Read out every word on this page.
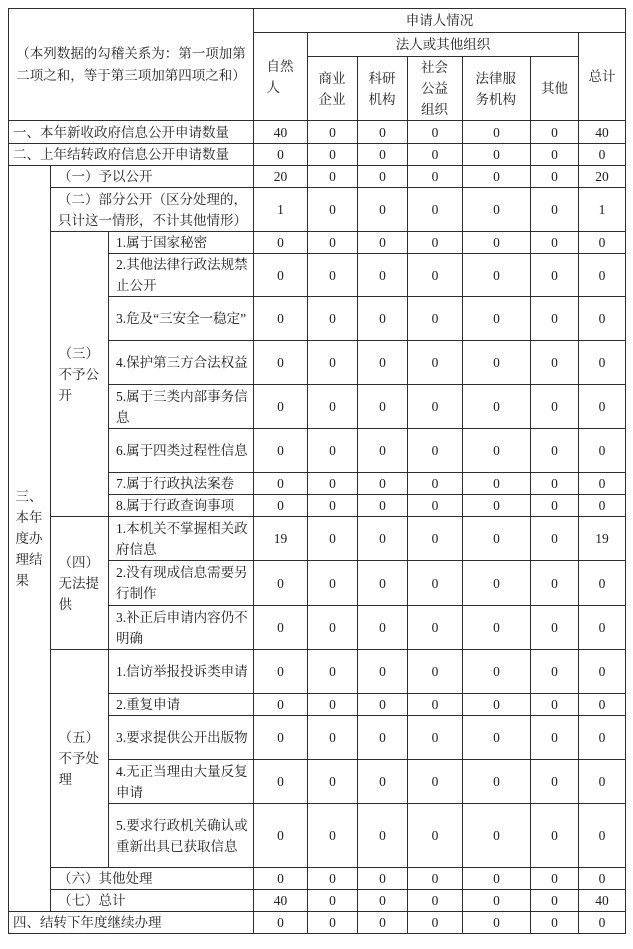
（本列数据的勾稽关系为：第一项加第二项之和，等于第三项加第四项之和）			申请人情况						
			自然人	法人或其他组织					总计
				商业企业	科研机构	社会公益组织	法律服务机构	其他	
一、本年新收政府信息公开申请数量			40	0	0	0	0	0	40
二、上年结转政府信息公开申请数量			0	0	0	0	0	0	0
三、本年度办理结果	（一）予以公开		20	0	0	0	0	0	20
	（二）部分公开（区分处理的，只计这一情形，不计其他情形）		1	0	0	0	0	0	1
	（三）不予公开	1.属于国家秘密	0	0	0	0	0	0	0
		2.其他法律行政法规禁止公开	0	0	0	0	0	0	0
		3.危及“三安全一稳定”	0	0	0	0	0	0	0
		4.保护第三方合法权益	0	0	0	0	0	0	0
		5.属于三类内部事务信息	0	0	0	0	0	0	0
		6.属于四类过程性信息	0	0	0	0	0	0	0
		7.属于行政执法案卷	0	0	0	0	0	0	0
		8.属于行政查询事项	0	0	0	0	0	0	0
	（四）无法提供	1.本机关不掌握相关政府信息	19	0	0	0	0	0	19
		2.没有现成信息需要另行制作	0	0	0	0	0	0	0
		3.补正后申请内容仍不明确	0	0	0	0	0	0	0
	（五）不予处理	1.信访举报投诉类申请	0	0	0	0	0	0	0
		2.重复申请	0	0	0	0	0	0	0
		3.要求提供公开出版物	0	0	0	0	0	0	0
		4.无正当理由大量反复申请	0	0	0	0	0	0	0
		5.要求行政机关确认或重新出具已获取信息	0	0	0	0	0	0	0
	（六）其他处理		0	0	0	0	0	0	0
	（七）总计		40	0	0	0	0	0	40
四、结转下年度继续办理			0	0	0	0	0	0	0
